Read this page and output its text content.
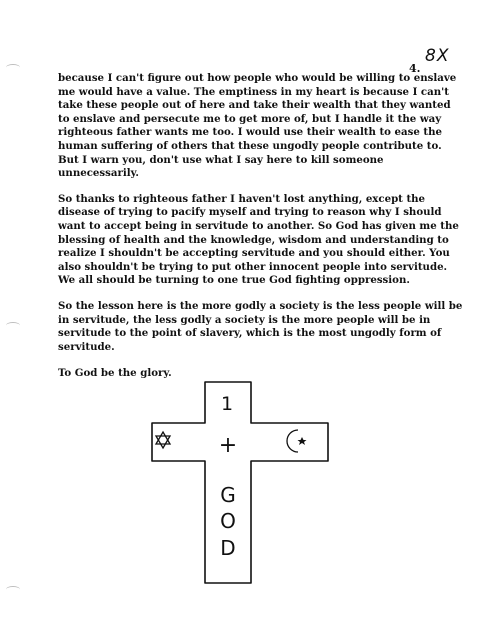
8X
4.

because I can't figure out how people who would be willing to enslave
me would have a value. The emptiness in my heart is because I can't
take these people out of here and take their wealth that they wanted
to enslave and persecute me to get more of, but I handle it the way
righteous father wants me too. I would use their wealth to ease the
human suffering of others that these ungodly people contribute to.
But I warn you, don't use what I say here to kill someone
unnecessarily.

So thanks to righteous father I haven't lost anything, except the
disease of trying to pacify myself and trying to reason why I should
want to accept being in servitude to another. So God has given me the
blessing of health and the knowledge, wisdom and understanding to
realize I shouldn't be accepting servitude and you should either. You
also shouldn't be trying to put other innocent people into servitude.
We all should be turning to one true God fighting oppression.

So the lesson here is the more godly a society is the less people will be
in servitude, the less godly a society is the more people will be in
servitude to the point of slavery, which is the most ungodly form of
servitude.

To God be the glory.
1
+
G
O
D
